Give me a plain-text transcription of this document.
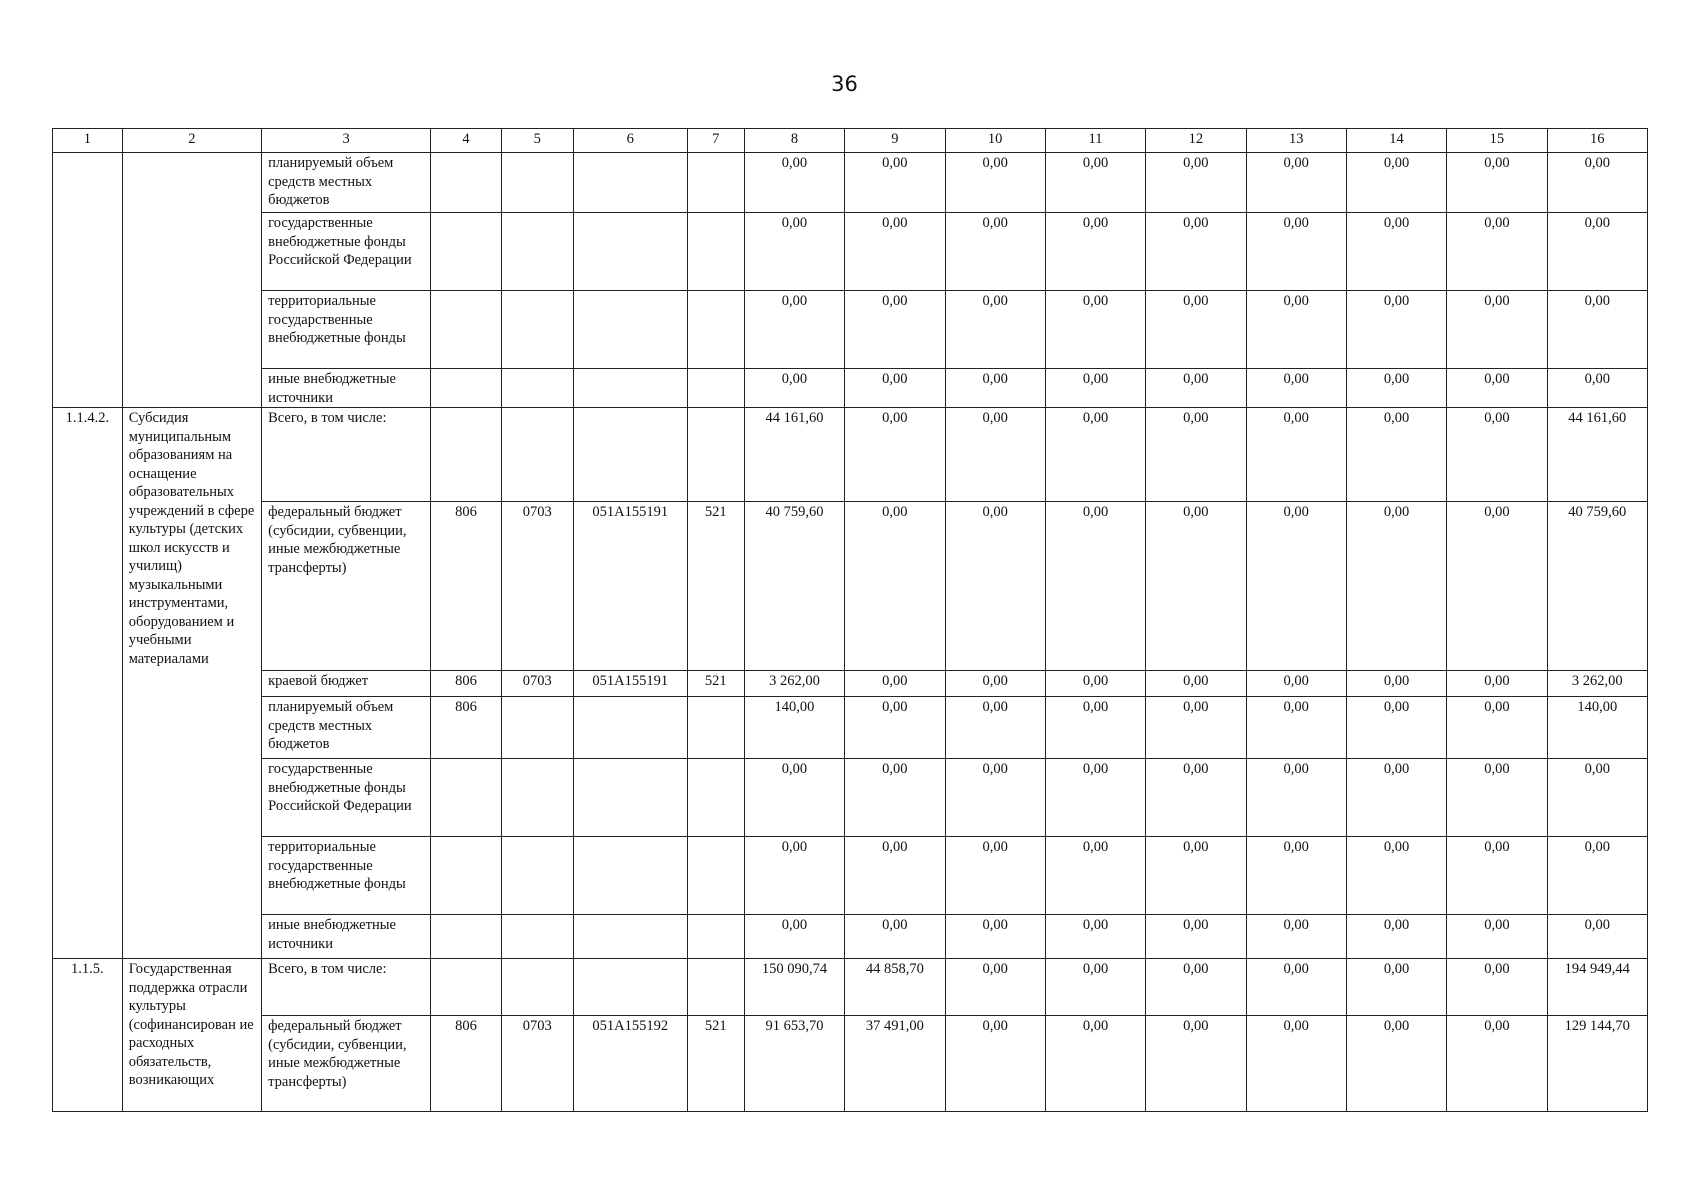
36
1	2	3	4	5	6	7	8	9	10	11	12	13	14	15	16
		планируемый объем средств местных бюджетов					0,00	0,00	0,00	0,00	0,00	0,00	0,00	0,00	0,00
		государственные внебюджетные фонды Российской Федерации					0,00	0,00	0,00	0,00	0,00	0,00	0,00	0,00	0,00
		территориальные государственные внебюджетные фонды					0,00	0,00	0,00	0,00	0,00	0,00	0,00	0,00	0,00
		иные внебюджетные источники					0,00	0,00	0,00	0,00	0,00	0,00	0,00	0,00	0,00
1.1.4.2.	Субсидия муниципальным образованиям на оснащение образовательных учреждений в сфере культуры (детских школ искусств и училищ) музыкальными инструментами, оборудованием и учебными материалами	Всего, в том числе:					44 161,60	0,00	0,00	0,00	0,00	0,00	0,00	0,00	44 161,60
		федеральный бюджет (субсидии, субвенции, иные межбюджетные трансферты)	806	0703	051A155191	521	40 759,60	0,00	0,00	0,00	0,00	0,00	0,00	0,00	40 759,60
		краевой бюджет	806	0703	051A155191	521	3 262,00	0,00	0,00	0,00	0,00	0,00	0,00	0,00	3 262,00
		планируемый объем средств местных бюджетов	806				140,00	0,00	0,00	0,00	0,00	0,00	0,00	0,00	140,00
		государственные внебюджетные фонды Российской Федерации					0,00	0,00	0,00	0,00	0,00	0,00	0,00	0,00	0,00
		территориальные государственные внебюджетные фонды					0,00	0,00	0,00	0,00	0,00	0,00	0,00	0,00	0,00
		иные внебюджетные источники					0,00	0,00	0,00	0,00	0,00	0,00	0,00	0,00	0,00
1.1.5.	Государственная поддержка отрасли культуры (софинансирован ие расходных обязательств, возникающих	Всего, в том числе:					150 090,74	44 858,70	0,00	0,00	0,00	0,00	0,00	0,00	194 949,44
		федеральный бюджет (субсидии, субвенции, иные межбюджетные трансферты)	806	0703	051A155192	521	91 653,70	37 491,00	0,00	0,00	0,00	0,00	0,00	0,00	129 144,70
